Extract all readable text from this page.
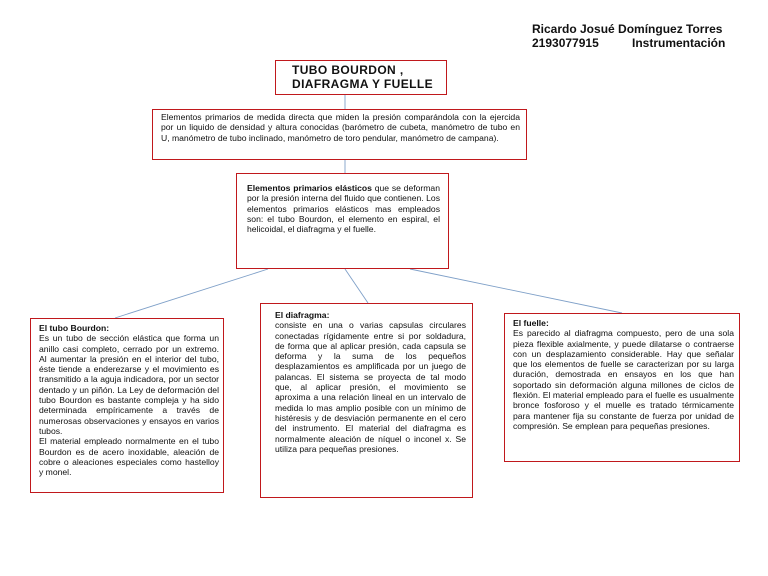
Ricardo Josué Domínguez Torres
2193077915	Instrumentación
TUBO BOURDON ,
DIAFRAGMA Y FUELLE

Elementos primarios de medida directa que miden la presión comparándola con la ejercida por un liquido de densidad y altura conocidas (barómetro de cubeta, manómetro de tubo en U, manómetro de tubo inclinado, manómetro de toro pendular, manómetro de campana).

Elementos primarios elásticos que se deforman por la presión interna del fluido que contienen. Los elementos primarios elásticos mas empleados son: el tubo Bourdon, el elemento en espiral, el helicoidal, el diafragma y el fuelle.

El tubo Bourdon:

Es un tubo de sección elástica que forma un anillo casi completo, cerrado por un extremo. Al aumentar la presión en el interior del tubo, éste tiende a enderezarse y el movimiento es transmitido a la aguja indicadora, por un sector dentado y un piñón. La Ley de deformación del tubo Bourdon es bastante compleja y ha sido determinada empíricamente a través de numerosas observaciones y ensayos en varios tubos.

El material empleado normalmente en el tubo Bourdon es de acero inoxidable, aleación de cobre o aleaciones especiales como hastelloy y monel.

El diafragma:

consiste en una o varias capsulas circulares conectadas rígidamente entre si por soldadura, de forma que al aplicar presión, cada capsula se deforma y la suma de los pequeños desplazamientos es amplificada por un juego de palancas. El sistema se proyecta de tal modo que, al aplicar presión, el movimiento se aproxima a una relación lineal en un intervalo de medida lo mas amplio posible con un mínimo de histéresis y de desviación permanente en el cero del instrumento. El material del diafragma es normalmente aleación de níquel o inconel x. Se utiliza para pequeñas presiones.

El fuelle:

Es parecido al diafragma compuesto, pero de una sola pieza flexible axialmente, y puede dilatarse o contraerse con un desplazamiento considerable. Hay que señalar que los elementos de fuelle se caracterizan por su larga duración, demostrada en ensayos en los que han soportado sin deformación alguna millones de ciclos de flexión. El material empleado para el fuelle es usualmente bronce fosforoso y el muelle es tratado térmicamente para mantener fija su constante de fuerza por unidad de compresión. Se emplean para pequeñas presiones.
